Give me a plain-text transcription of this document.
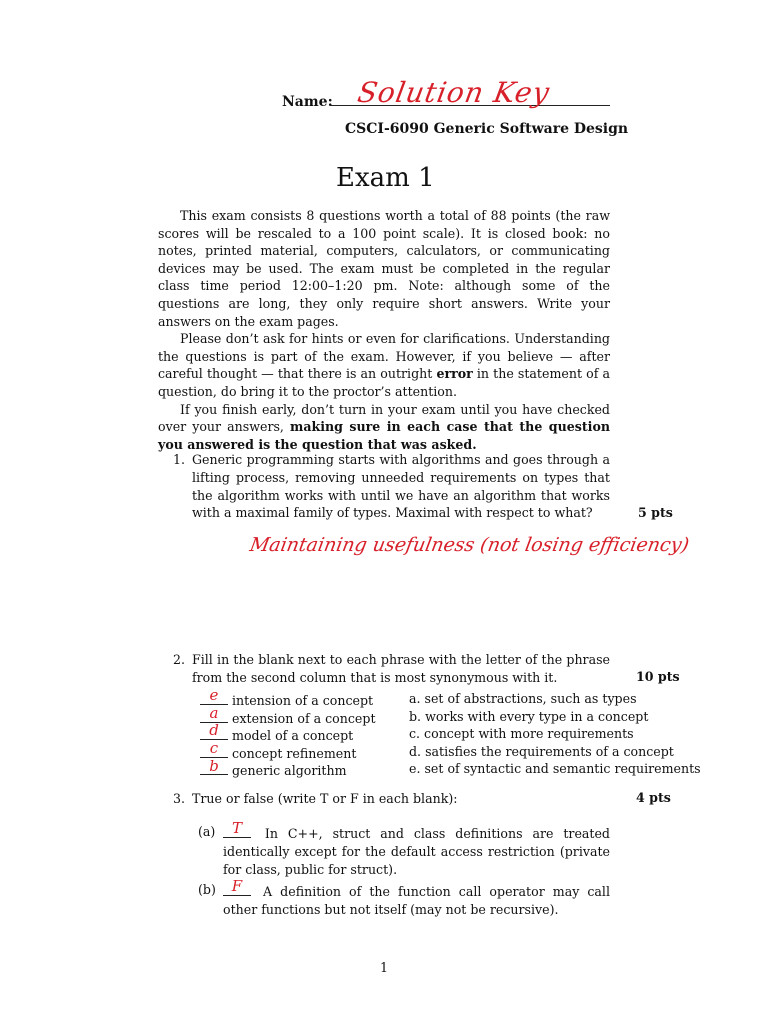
Name: Solution Key
CSCI-6090 Generic Software Design
Exam 1

This exam consists 8 questions worth a total of 88 points (the raw scores will be rescaled to a 100 point scale). It is closed book: no notes, printed material, computers, calculators, or communicating devices may be used. The exam must be completed in the regular class time period 12:00–1:20 pm. Note: although some of the questions are long, they only require short answers. Write your answers on the exam pages.

Please don’t ask for hints or even for clarifications. Understanding the questions is part of the exam. However, if you believe — after careful thought — that there is an outright error in the statement of a question, do bring it to the proctor’s attention.

If you finish early, don’t turn in your exam until you have checked over your answers, making sure in each case that the question you answered is the question that was asked.

1. Generic programming starts with algorithms and goes through a lifting process, removing unneeded requirements on types that the algorithm works with until we have an algorithm that works with a maximal family of types. Maximal with respect to what?	5 pts
Maintaining usefulness (not losing efficiency)
2. Fill in the blank next to each phrase with the letter of the phrase from the second column that is most synonymous with it.	10 pts
e	intension of a concept
a	extension of a concept
d	model of a concept
c	concept refinement
b	generic algorithm
a. set of abstractions, such as types
b. works with every type in a concept
c. concept with more requirements
d. satisfies the requirements of a concept
e. set of syntactic and semantic requirements
3. True or false (write T or F in each blank):	4 pts
(a)	T	In C++, struct and class definitions are treated identically except for the default access restriction (private for class, public for struct).
(b)	F	A definition of the function call operator may call other functions but not itself (may not be recursive).
1
